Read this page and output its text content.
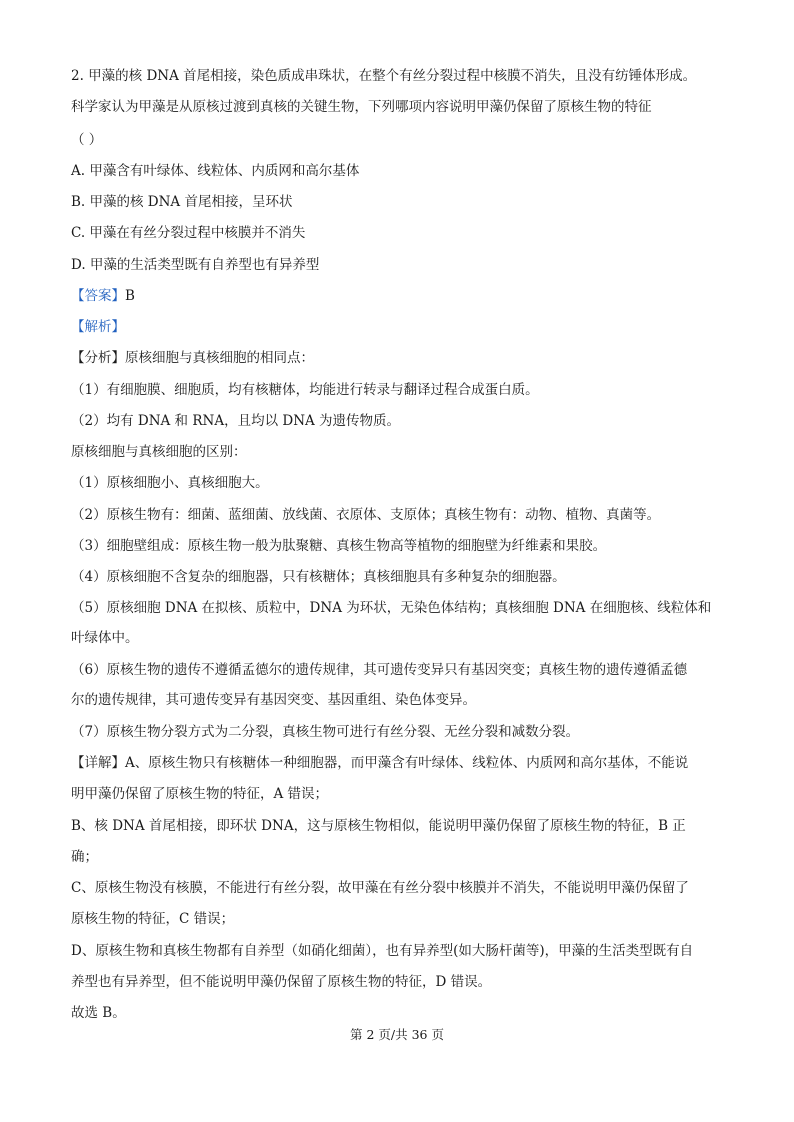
2. 甲藻的核 DNA 首尾相接，染色质成串珠状，在整个有丝分裂过程中核膜不消失，且没有纺锤体形成。
科学家认为甲藻是从原核过渡到真核的关键生物，下列哪项内容说明甲藻仍保留了原核生物的特征
（ ）
A. 甲藻含有叶绿体、线粒体、内质网和高尔基体
B. 甲藻的核 DNA 首尾相接，呈环状
C. 甲藻在有丝分裂过程中核膜并不消失
D. 甲藻的生活类型既有自养型也有异养型
【答案】B
【解析】
【分析】原核细胞与真核细胞的相同点：
（1）有细胞膜、细胞质，均有核糖体，均能进行转录与翻译过程合成蛋白质。
（2）均有 DNA 和 RNA，且均以 DNA 为遗传物质。
原核细胞与真核细胞的区别：
（1）原核细胞小、真核细胞大。
（2）原核生物有：细菌、蓝细菌、放线菌、衣原体、支原体；真核生物有：动物、植物、真菌等。
（3）细胞壁组成：原核生物一般为肽聚糖、真核生物高等植物的细胞壁为纤维素和果胶。
（4）原核细胞不含复杂的细胞器，只有核糖体；真核细胞具有多种复杂的细胞器。
（5）原核细胞 DNA 在拟核、质粒中，DNA 为环状，无染色体结构；真核细胞 DNA 在细胞核、线粒体和
叶绿体中。
（6）原核生物的遗传不遵循孟德尔的遗传规律，其可遗传变异只有基因突变；真核生物的遗传遵循孟德
尔的遗传规律，其可遗传变异有基因突变、基因重组、染色体变异。
（7）原核生物分裂方式为二分裂，真核生物可进行有丝分裂、无丝分裂和减数分裂。
【详解】A、原核生物只有核糖体一种细胞器，而甲藻含有叶绿体、线粒体、内质网和高尔基体，不能说
明甲藻仍保留了原核生物的特征，A 错误；
B、核 DNA 首尾相接，即环状 DNA，这与原核生物相似，能说明甲藻仍保留了原核生物的特征，B 正
确；
C、原核生物没有核膜，不能进行有丝分裂，故甲藻在有丝分裂中核膜并不消失，不能说明甲藻仍保留了
原核生物的特征，C 错误；
D、原核生物和真核生物都有自养型（如硝化细菌），也有异养型(如大肠杆菌等)，甲藻的生活类型既有自
养型也有异养型，但不能说明甲藻仍保留了原核生物的特征，D 错误。
故选 B。
第 2 页/共 36 页
